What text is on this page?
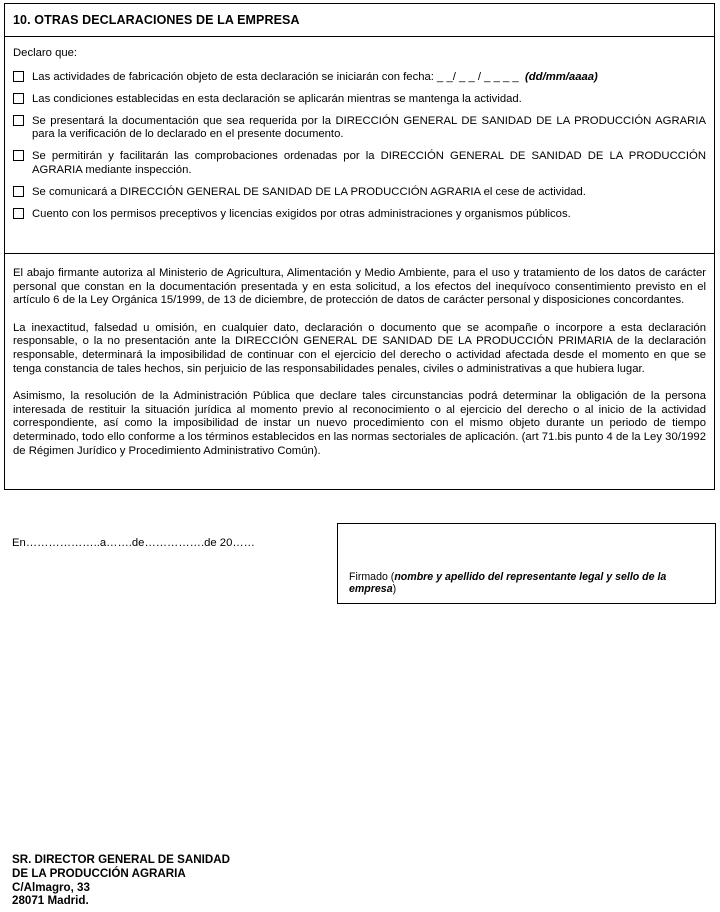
10. OTRAS DECLARACIONES DE LA EMPRESA
Declaro que:
Las actividades de fabricación objeto de esta declaración se iniciarán con fecha: _ _/ _ _ / _ _ _ _ (dd/mm/aaaa)
Las condiciones establecidas en esta declaración se aplicarán mientras se mantenga la actividad.
Se presentará la documentación que sea requerida por la DIRECCIÓN GENERAL DE SANIDAD DE LA PRODUCCIÓN AGRARIA para la verificación de lo declarado en el presente documento.
Se permitirán y facilitarán las comprobaciones ordenadas por la DIRECCIÓN GENERAL DE SANIDAD DE LA PRODUCCIÓN AGRARIA mediante inspección.
Se comunicará a DIRECCIÓN GENERAL DE SANIDAD DE LA PRODUCCIÓN AGRARIA el cese de actividad.
Cuento con los permisos preceptivos y licencias exigidos por otras administraciones y organismos públicos.

El abajo firmante autoriza al Ministerio de Agricultura, Alimentación y Medio Ambiente, para el uso y tratamiento de los datos de carácter personal que constan en la documentación presentada y en esta solicitud, a los efectos del inequívoco consentimiento previsto en el artículo 6 de la Ley Orgánica 15/1999, de 13 de diciembre, de protección de datos de carácter personal y disposiciones concordantes.

La inexactitud, falsedad u omisión, en cualquier dato, declaración o documento que se acompañe o incorpore a esta declaración responsable, o la no presentación ante la DIRECCIÓN GENERAL DE SANIDAD DE LA PRODUCCIÓN PRIMARIA de la declaración responsable, determinará la imposibilidad de continuar con el ejercicio del derecho o actividad afectada desde el momento en que se tenga constancia de tales hechos, sin perjuicio de las responsabilidades penales, civiles o administrativas a que hubiera lugar.

Asimismo, la resolución de la Administración Pública que declare tales circunstancias podrá determinar la obligación de la persona interesada de restituir la situación jurídica al momento previo al reconocimiento o al ejercicio del derecho o al inicio de la actividad correspondiente, así como la imposibilidad de instar un nuevo procedimiento con el mismo objeto durante un periodo de tiempo determinado, todo ello conforme a los términos establecidos en las normas sectoriales de aplicación. (art 71.bis punto 4 de la Ley 30/1992 de Régimen Jurídico y Procedimiento Administrativo Común).

En………………..a…….de…………….de 20……
Firmado (nombre y apellido del representante legal y sello de la empresa)
SR. DIRECTOR GENERAL DE SANIDAD
DE LA PRODUCCIÓN AGRARIA
C/Almagro, 33
28071 Madrid.
